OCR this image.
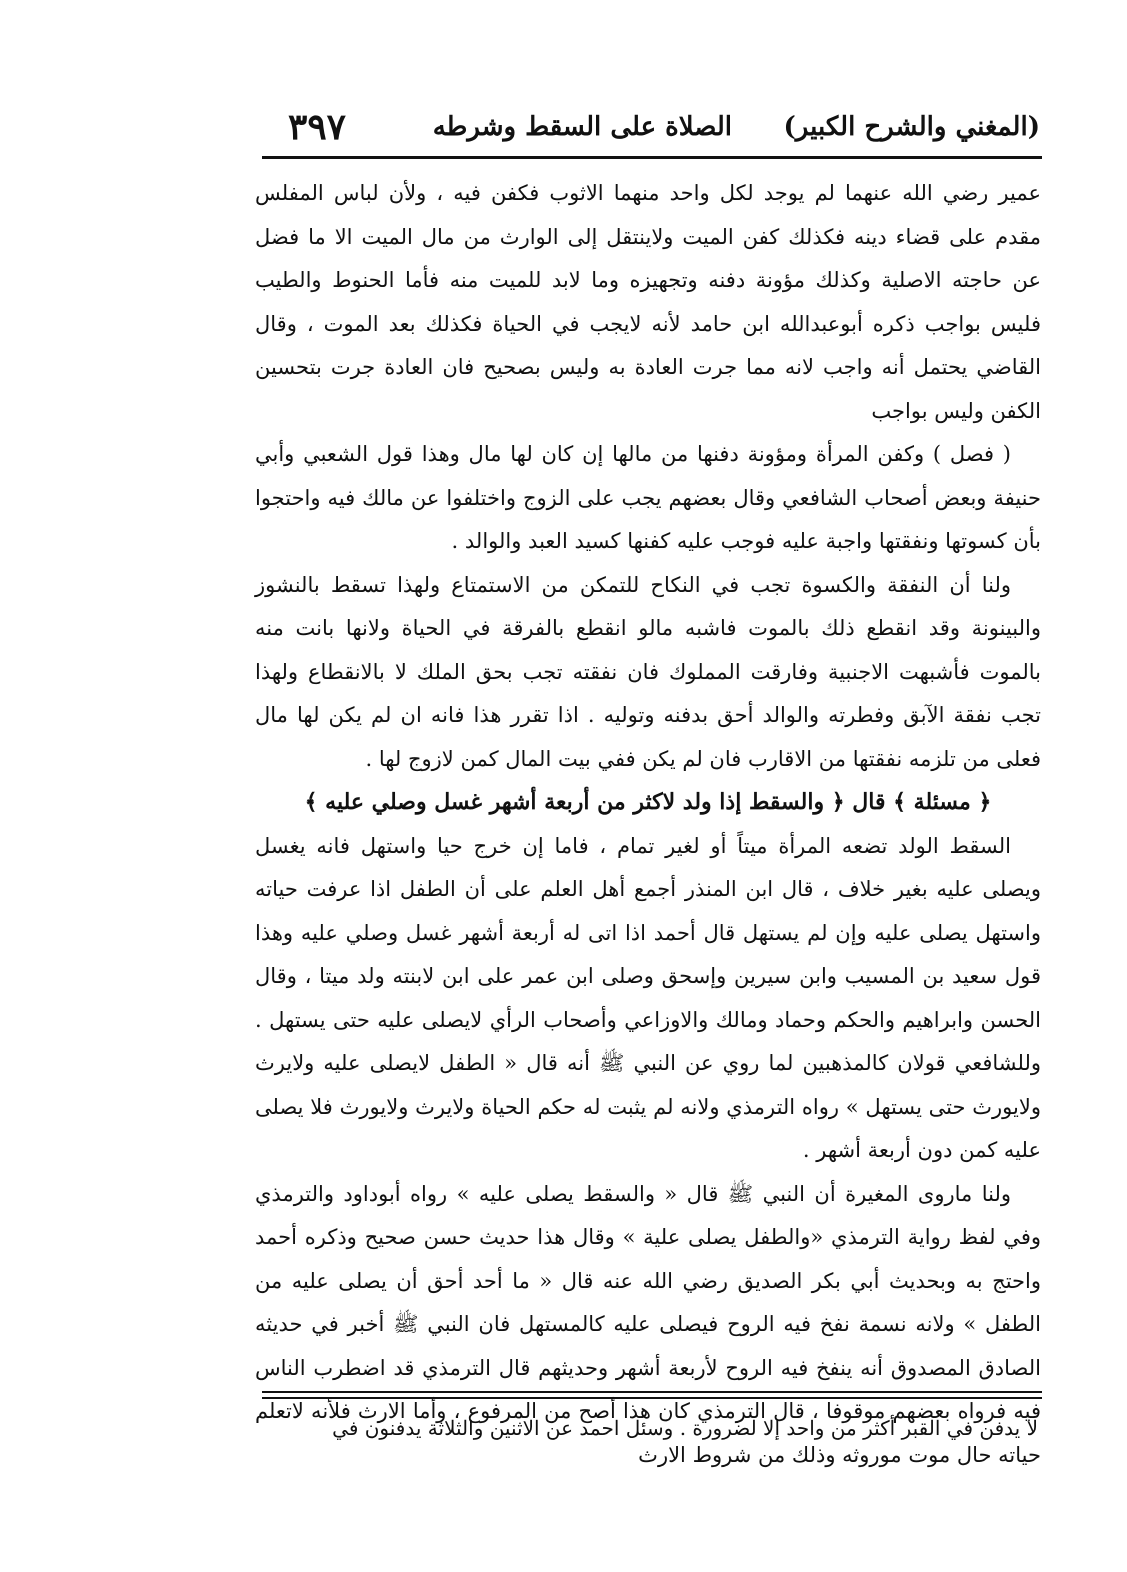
(المغني والشرح الكبير)
الصلاة على السقط وشرطه
٣٩٧

عمير رضي الله عنهما لم يوجد لكل واحد منهما الاثوب فكفن فيه ، ولأن لباس المفلس مقدم على قضاء دينه فكذلك كفن الميت ولاينتقل إلى الوارث من مال الميت الا ما فضل عن حاجته الاصلية وكذلك مؤونة دفنه وتجهيزه وما لابد للميت منه فأما الحنوط والطيب فليس بواجب ذكره أبوعبدالله ابن حامد لأنه لايجب في الحياة فكذلك بعد الموت ، وقال القاضي يحتمل أنه واجب لانه مما جرت العادة به وليس بصحيح فان العادة جرت بتحسين الكفن وليس بواجب

( فصل ) وكفن المرأة ومؤونة دفنها من مالها إن كان لها مال وهذا قول الشعبي وأبي حنيفة وبعض أصحاب الشافعي وقال بعضهم يجب على الزوج واختلفوا عن مالك فيه واحتجوا بأن كسوتها ونفقتها واجبة عليه فوجب عليه كفنها كسيد العبد والوالد .

ولنا أن النفقة والكسوة تجب في النكاح للتمكن من الاستمتاع ولهذا تسقط بالنشوز والبينونة وقد انقطع ذلك بالموت فاشبه مالو انقطع بالفرقة في الحياة ولانها بانت منه بالموت فأشبهت الاجنبية وفارقت المملوك فان نفقته تجب بحق الملك لا بالانقطاع ولهذا تجب نفقة الآبق وفطرته والوالد أحق بدفنه وتوليه . اذا تقرر هذا فانه ان لم يكن لها مال فعلى من تلزمه نفقتها من الاقارب فان لم يكن ففي بيت المال كمن لازوج لها .

﴿ مسئلة ﴾ قال ﴿ والسقط إذا ولد لاكثر من أربعة أشهر غسل وصلي عليه ﴾

السقط الولد تضعه المرأة ميتاً أو لغير تمام ، فاما إن خرج حيا واستهل فانه يغسل ويصلى عليه بغير خلاف ، قال ابن المنذر أجمع أهل العلم على أن الطفل اذا عرفت حياته واستهل يصلى عليه وإن لم يستهل قال أحمد اذا اتى له أربعة أشهر غسل وصلي عليه وهذا قول سعيد بن المسيب وابن سيرين وإسحق وصلى ابن عمر على ابن لابنته ولد ميتا ، وقال الحسن وابراهيم والحكم وحماد ومالك والاوزاعي وأصحاب الرأي لايصلى عليه حتى يستهل . وللشافعي قولان كالمذهبين لما روي عن النبي ﷺ أنه قال « الطفل لايصلى عليه ولايرث ولايورث حتى يستهل » رواه الترمذي ولانه لم يثبت له حكم الحياة ولايرث ولايورث فلا يصلى عليه كمن دون أربعة أشهر .

ولنا ماروى المغيرة أن النبي ﷺ قال « والسقط يصلى عليه » رواه أبوداود والترمذي وفي لفظ رواية الترمذي «والطفل يصلى علية » وقال هذا حديث حسن صحيح وذكره أحمد واحتج به وبحديث أبي بكر الصديق رضي الله عنه قال « ما أحد أحق أن يصلى عليه من الطفل » ولانه نسمة نفخ فيه الروح فيصلى عليه كالمستهل فان النبي ﷺ أخبر في حديثه الصادق المصدوق أنه ينفخ فيه الروح لأربعة أشهر وحديثهم قال الترمذي قد اضطرب الناس فيه فرواه بعضهم موقوفا ، قال الترمذي كان هذا أصح من المرفوع ، وأما الارث فلأنه لاتعلم حياته حال موت موروثه وذلك من شروط الارث

لا يدفن في القبر أكثر من واحد إلا لضرورة . وسئل احمد عن الاثنين والثلاثة يدفنون في
